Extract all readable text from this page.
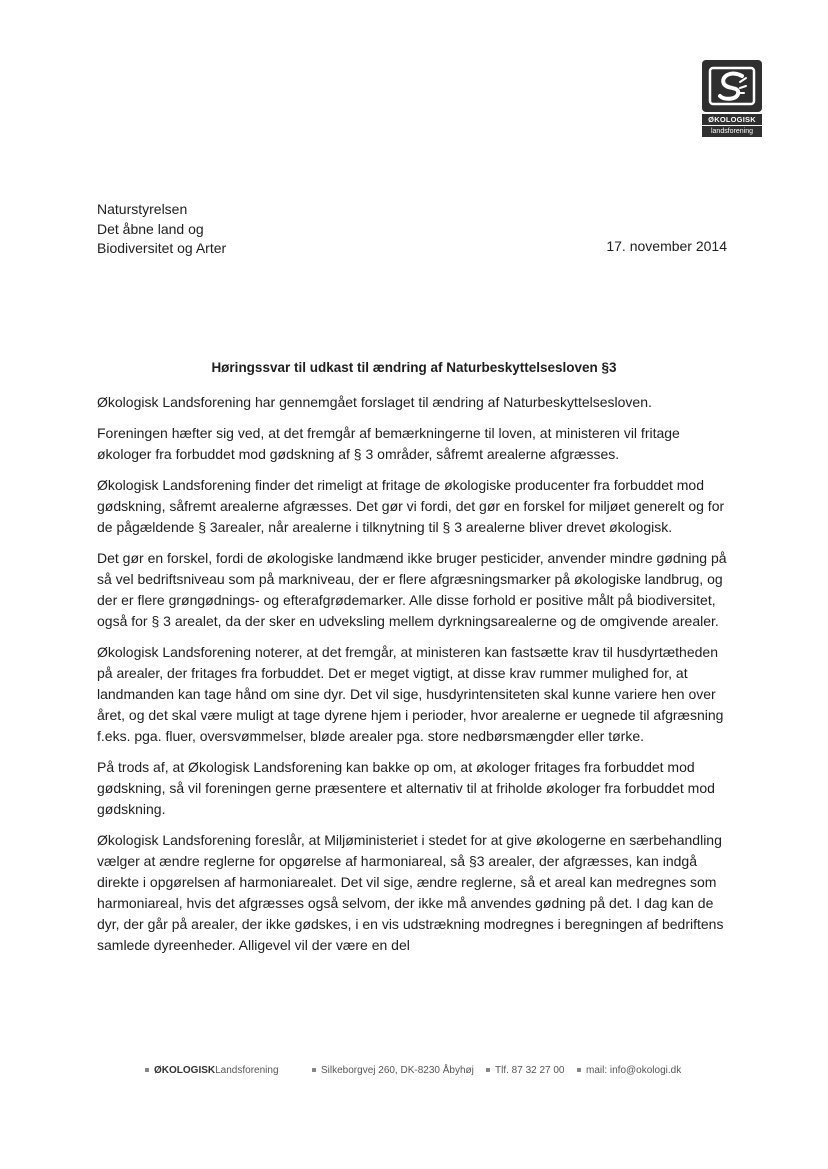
ØKOLOGISK
landsforening
Naturstyrelsen
Det åbne land og
Biodiversitet og Arter	17. november 2014
Høringssvar til udkast til ændring af Naturbeskyttelsesloven §3

Økologisk Landsforening har gennemgået forslaget til ændring af Naturbeskyttelsesloven.

Foreningen hæfter sig ved, at det fremgår af bemærkningerne til loven, at ministeren vil fritage økologer fra forbuddet mod gødskning af § 3 områder, såfremt arealerne afgræsses.

Økologisk Landsforening finder det rimeligt at fritage de økologiske producenter fra forbuddet mod gødskning, såfremt arealerne afgræsses. Det gør vi fordi, det gør en forskel for miljøet generelt og for de pågældende § 3arealer, når arealerne i tilknytning til § 3 arealerne bliver drevet økologisk.

Det gør en forskel, fordi de økologiske landmænd ikke bruger pesticider, anvender mindre gødning på så vel bedriftsniveau som på markniveau, der er flere afgræsningsmarker på økologiske landbrug, og der er flere grøngødnings- og efterafgrødemarker. Alle disse forhold er positive målt på biodiversitet, også for § 3 arealet, da der sker en udveksling mellem dyrkningsarealerne og de omgivende arealer.

Økologisk Landsforening noterer, at det fremgår, at ministeren kan fastsætte krav til husdyrtætheden på arealer, der fritages fra forbuddet. Det er meget vigtigt, at disse krav rummer mulighed for, at landmanden kan tage hånd om sine dyr. Det vil sige, husdyrintensiteten skal kunne variere hen over året, og det skal være muligt at tage dyrene hjem i perioder, hvor arealerne er uegnede til afgræsning f.eks. pga. fluer, oversvømmelser, bløde arealer pga. store nedbørsmængder eller tørke.

På trods af, at Økologisk Landsforening kan bakke op om, at økologer fritages fra forbuddet mod gødskning, så vil foreningen gerne præsentere et alternativ til at friholde økologer fra forbuddet mod gødskning.

Økologisk Landsforening foreslår, at Miljøministeriet i stedet for at give økologerne en særbehandling vælger at ændre reglerne for opgørelse af harmoniareal, så §3 arealer, der afgræsses, kan indgå direkte i opgørelsen af harmoniarealet. Det vil sige, ændre reglerne, så et areal kan medregnes som harmoniareal, hvis det afgræsses også selvom, der ikke må anvendes gødning på det. I dag kan de dyr, der går på arealer, der ikke gødskes, i en vis udstrækning modregnes i beregningen af bedriftens samlede dyreenheder. Alligevel vil der være en del

ØKOLOGISKLandsforening	Silkeborgvej 260, DK-8230 Åbyhøj	Tlf. 87 32 27 00	mail: info@okologi.dk
